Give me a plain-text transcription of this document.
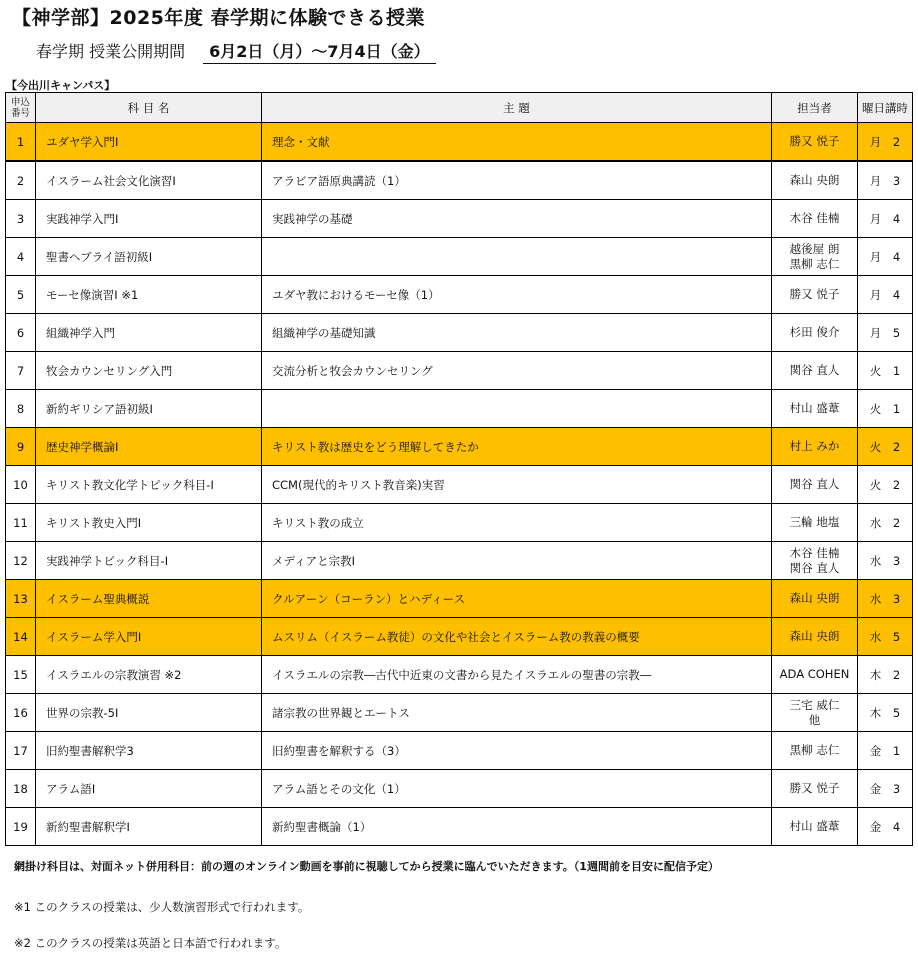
【神学部】2025年度 春学期に体験できる授業
春学期 授業公開期間 6月2日（月）～7月4日（金）
【今出川キャンパス】
申込
番号	科 目 名	主 題	担当者	曜日講時
1	ユダヤ学入門Ⅰ	理念・文献	勝又 悦子	月 2
2	イスラーム社会文化演習Ⅰ	アラビア語原典講読（1）	森山 央朗	月 3
3	実践神学入門Ⅰ	実践神学の基礎	木谷 佳楠	月 4
4	聖書ヘブライ語初級Ⅰ		越後屋 朗
黒柳 志仁	月 4
5	モーセ像演習Ⅰ ※1	ユダヤ教におけるモーセ像（1）	勝又 悦子	月 4
6	組織神学入門	組織神学の基礎知識	杉田 俊介	月 5
7	牧会カウンセリング入門	交流分析と牧会カウンセリング	関谷 直人	火 1
8	新約ギリシア語初級Ⅰ		村山 盛葦	火 1
9	歴史神学概論Ⅰ	キリスト教は歴史をどう理解してきたか	村上 みか	火 2
10	キリスト教文化学トピック科目-Ⅰ	CCM(現代的キリスト教音楽)実習	関谷 直人	火 2
11	キリスト教史入門Ⅰ	キリスト教の成立	三輪 地塩	水 2
12	実践神学トピック科目-Ⅰ	メディアと宗教Ⅰ	木谷 佳楠
関谷 直人	水 3
13	イスラーム聖典概説	クルアーン（コーラン）とハディース	森山 央朗	水 3
14	イスラーム学入門Ⅰ	ムスリム（イスラーム教徒）の文化や社会とイスラーム教の教義の概要	森山 央朗	水 5
15	イスラエルの宗教演習 ※2	イスラエルの宗教―古代中近東の文書から見たイスラエルの聖書の宗教―	ADA COHEN	木 2
16	世界の宗教-5Ⅰ	諸宗教の世界観とエートス	三宅 威仁
他	木 5
17	旧約聖書解釈学3	旧約聖書を解釈する（3）	黒柳 志仁	金 1
18	アラム語Ⅰ	アラム語とその文化（1）	勝又 悦子	金 3
19	新約聖書解釈学Ⅰ	新約聖書概論（1）	村山 盛葦	金 4
網掛け科目は、対面ネット併用科目：前の週のオンライン動画を事前に視聴してから授業に臨んでいただきます。（1週間前を目安に配信予定）
※1 このクラスの授業は、少人数演習形式で行われます。
※2 このクラスの授業は英語と日本語で行われます。
